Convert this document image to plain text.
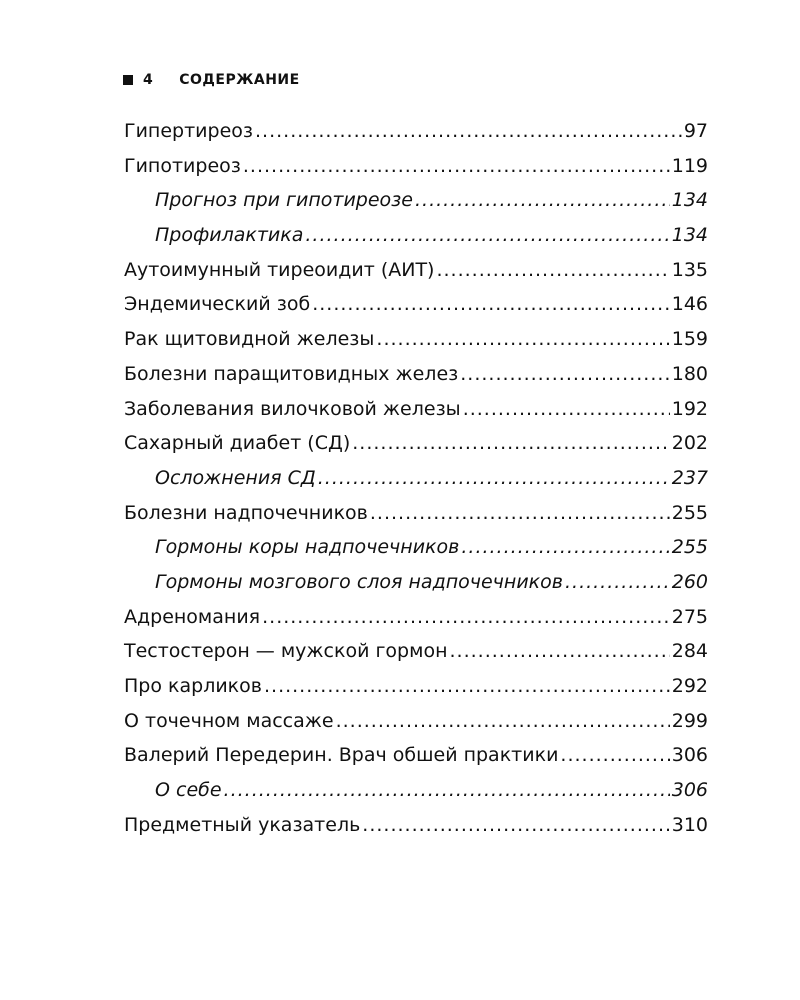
4 СОДЕРЖАНИЕ
Гипертиреоз .....	97
Гипотиреоз .....	119
Прогноз при гипотиреозе .....	134
Профилактика .....	134
Аутоимунный тиреоидит (АИТ) .....	135
Эндемический зоб .....	146
Рак щитовидной железы .....	159
Болезни паращитовидных желез .....	180
Заболевания вилочковой железы .....	192
Сахарный диабет (СД) .....	202
Осложнения СД .....	237
Болезни надпочечников .....	255
Гормоны коры надпочечников .....	255
Гормоны мозгового слоя надпочечников .....	260
Адреномания .....	275
Тестостерон — мужской гормон .....	284
Про карликов .....	292
О точечном массаже .....	299
Валерий Передерин. Врач обшей практики .....	306
О себе .....	306
Предметный указатель .....	310
